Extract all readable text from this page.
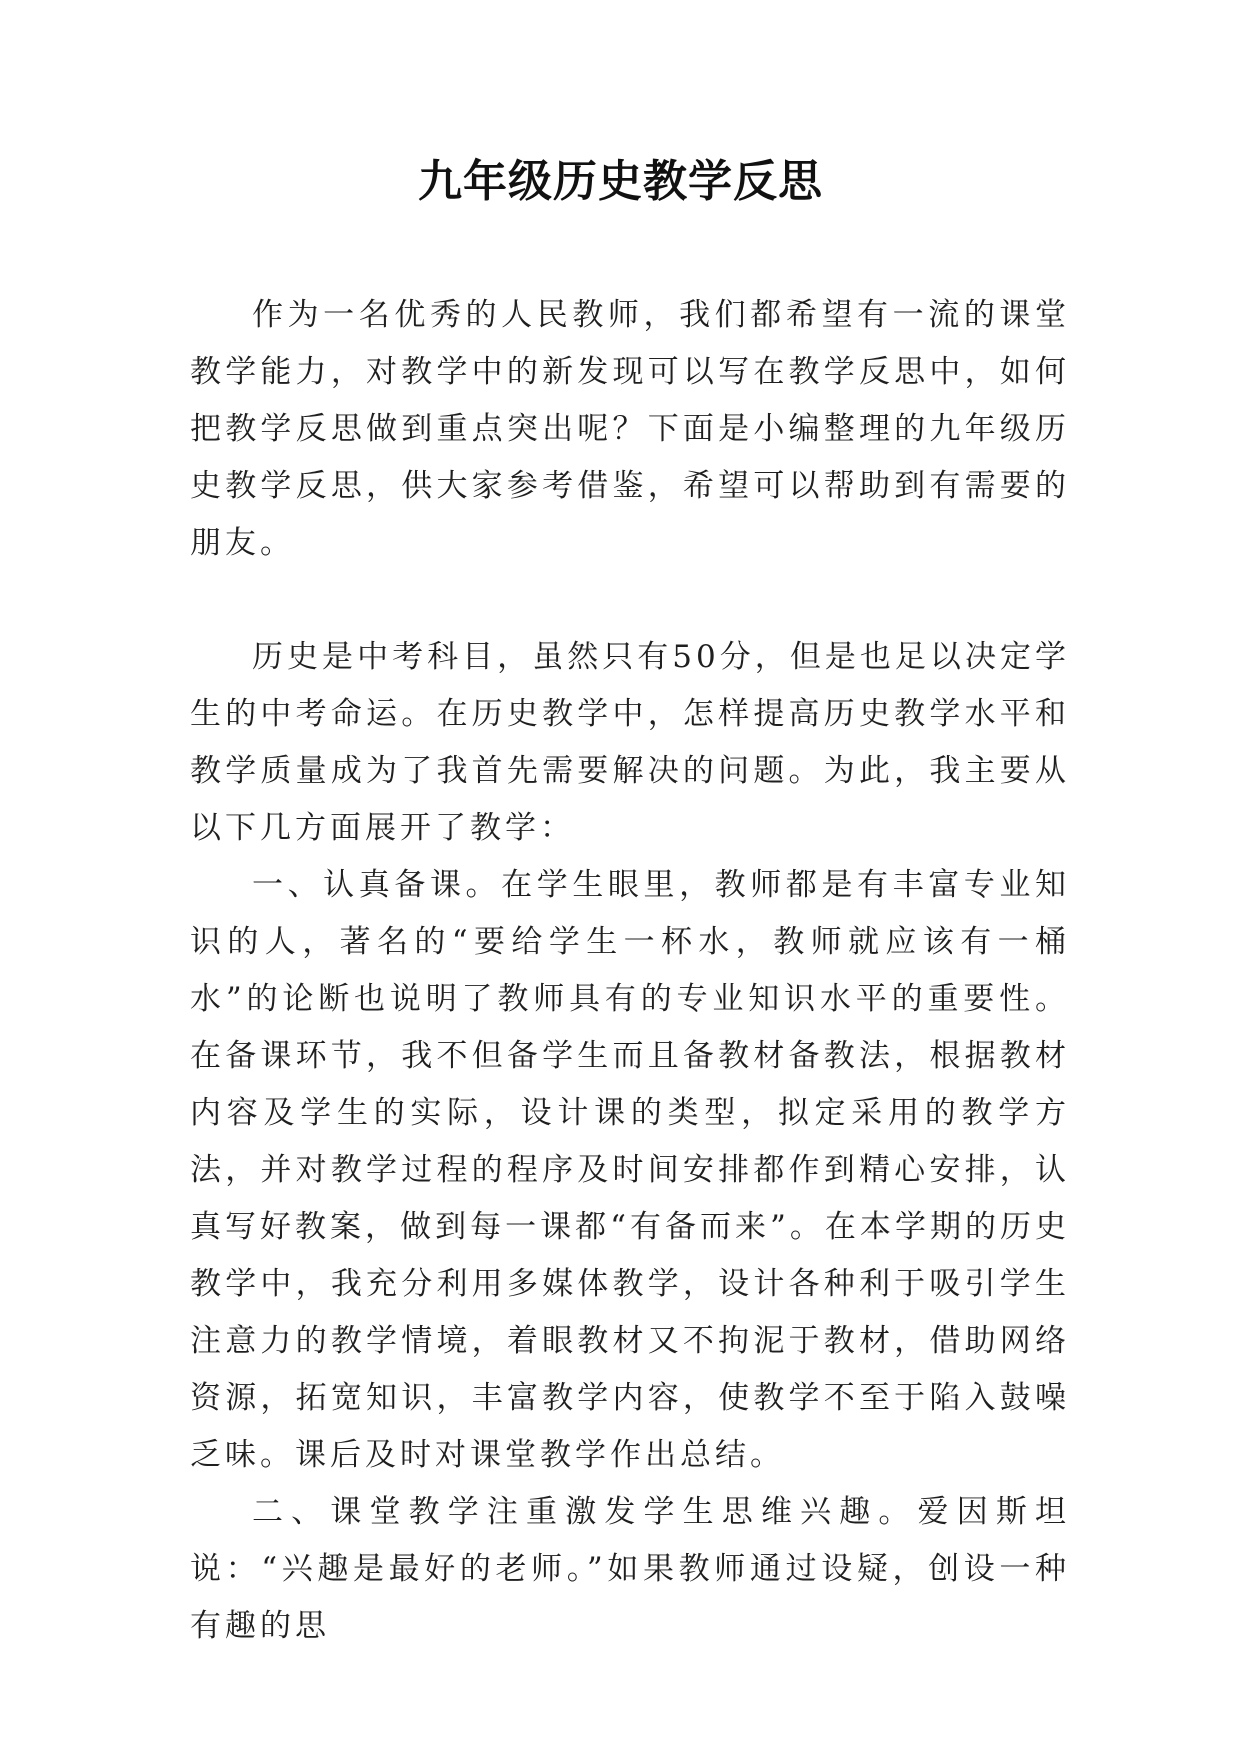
九年级历史教学反思

作为一名优秀的人民教师，我们都希望有一流的课堂教学能力，对教学中的新发现可以写在教学反思中，如何把教学反思做到重点突出呢？下面是小编整理的九年级历史教学反思，供大家参考借鉴，希望可以帮助到有需要的朋友。

历史是中考科目，虽然只有50分，但是也足以决定学生的中考命运。在历史教学中，怎样提高历史教学水平和教学质量成为了我首先需要解决的问题。为此，我主要从以下几方面展开了教学：

一、认真备课。在学生眼里，教师都是有丰富专业知识的人，著名的“要给学生一杯水，教师就应该有一桶水”的论断也说明了教师具有的专业知识水平的重要性。在备课环节，我不但备学生而且备教材备教法，根据教材内容及学生的实际，设计课的类型，拟定采用的教学方法，并对教学过程的程序及时间安排都作到精心安排，认真写好教案，做到每一课都“有备而来”。在本学期的历史教学中，我充分利用多媒体教学，设计各种利于吸引学生注意力的教学情境，着眼教材又不拘泥于教材，借助网络资源，拓宽知识，丰富教学内容，使教学不至于陷入鼓噪乏味。课后及时对课堂教学作出总结。

二、课堂教学注重激发学生思维兴趣。爱因斯坦说：“兴趣是最好的老师。”如果教师通过设疑，创设一种有趣的思
